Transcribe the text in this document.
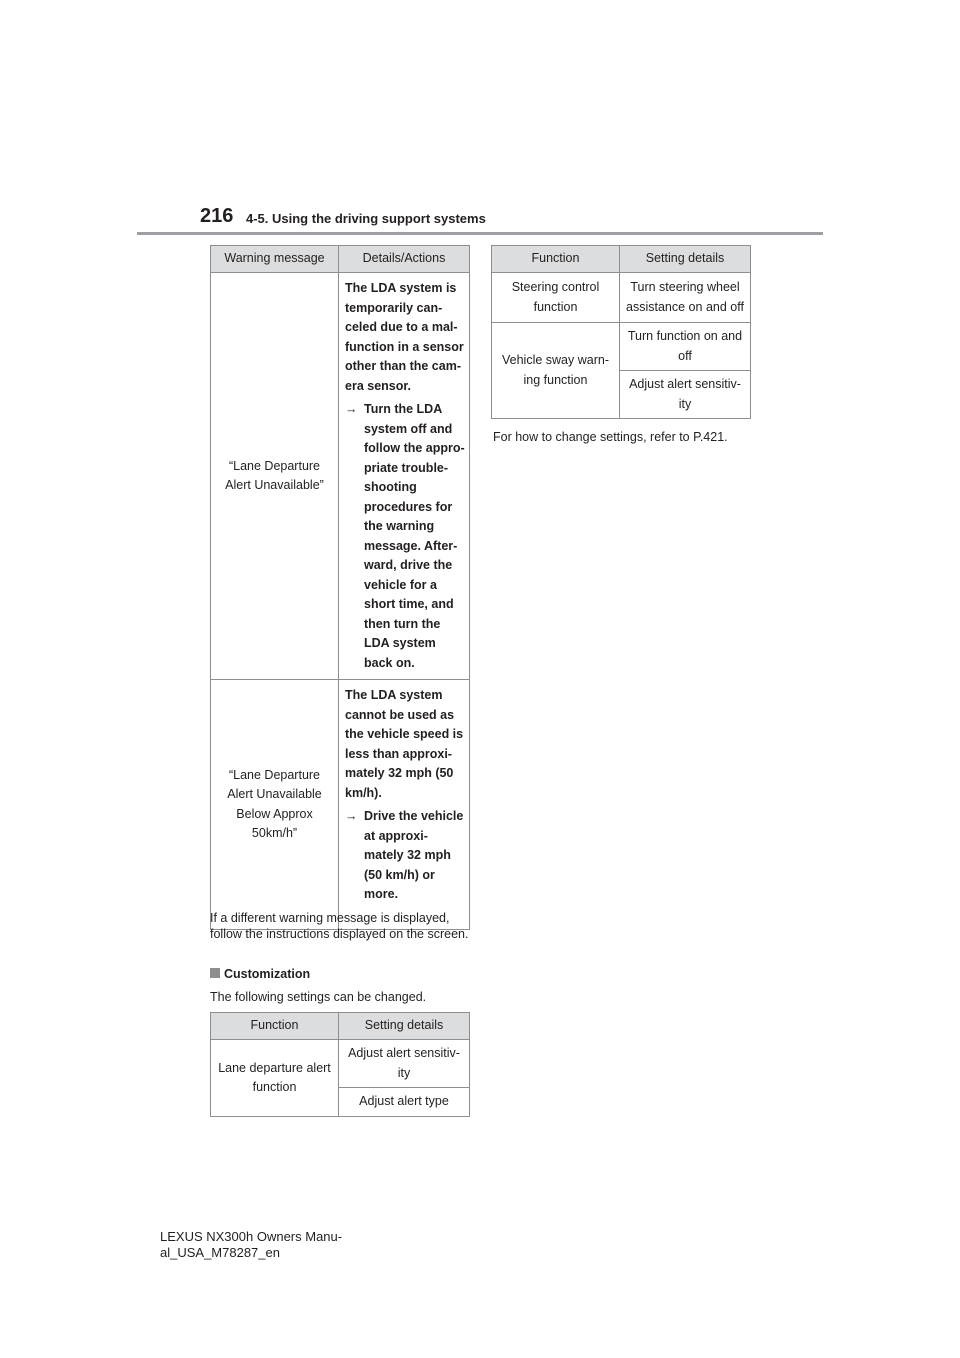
216 4-5. Using the driving support systems
Warning message	Details/Actions
“Lane Departure Alert Unavailable”	The LDA system is temporarily can-celed due to a mal-function in a sensor other than the cam-era sensor.

→ Turn the LDA system off and follow the appro-priate trouble-shooting procedures for the warning message. After-ward, drive the vehicle for a short time, and then turn the LDA system back on.

“Lane Departure Alert Unavailable Below Approx 50km/h”	The LDA system cannot be used as the vehicle speed is less than approxi-mately 32 mph (50 km/h).

→ Drive the vehicle at approxi-mately 32 mph (50 km/h) or more.
If a different warning message is displayed, follow the instructions displayed on the screen.
Customization
The following settings can be changed.
Function	Setting details
Lane departure alert function	Adjust alert sensitiv-ity
	Adjust alert type
Function	Setting details
Steering control function	Turn steering wheel assistance on and off
Vehicle sway warn-ing function	Turn function on and off
	Adjust alert sensitiv-ity
For how to change settings, refer to P.421.
LEXUS NX300h Owners Manu-al_USA_M78287_en
